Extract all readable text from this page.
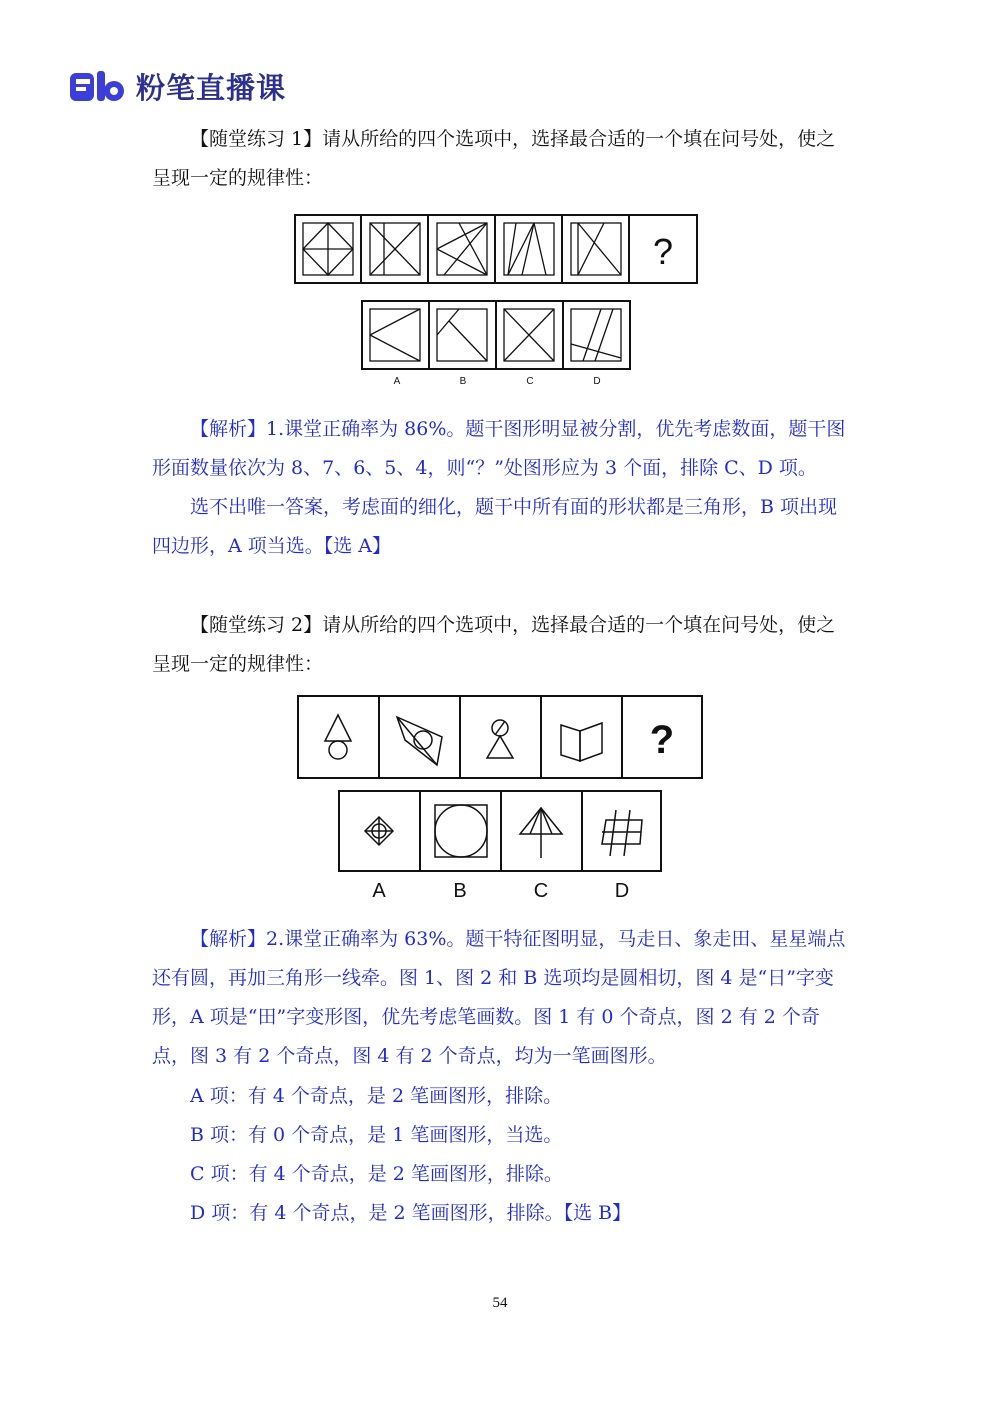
粉笔直播课

【随堂练习 1】请从所给的四个选项中，选择最合适的一个填在问号处，使之呈现一定的规律性：

?
A	B	C	D

【解析】1.课堂正确率为 86%。题干图形明显被分割，优先考虑数面，题干图形面数量依次为 8、7、6、5、4，则“？”处图形应为 3 个面，排除 C、D 项。

选不出唯一答案，考虑面的细化，题干中所有面的形状都是三角形，B 项出现四边形，A 项当选。【选 A】

【随堂练习 2】请从所给的四个选项中，选择最合适的一个填在问号处，使之呈现一定的规律性：

?
A	B	C	D

【解析】2.课堂正确率为 63%。题干特征图明显，马走日、象走田、星星端点还有圆，再加三角形一线牵。图 1、图 2 和 B 选项均是圆相切，图 4 是“日”字变形，A 项是“田”字变形图，优先考虑笔画数。图 1 有 0 个奇点，图 2 有 2 个奇点，图 3 有 2 个奇点，图 4 有 2 个奇点，均为一笔画图形。

A 项：有 4 个奇点，是 2 笔画图形，排除。

B 项：有 0 个奇点，是 1 笔画图形，当选。

C 项：有 4 个奇点，是 2 笔画图形，排除。

D 项：有 4 个奇点，是 2 笔画图形，排除。【选 B】

54
